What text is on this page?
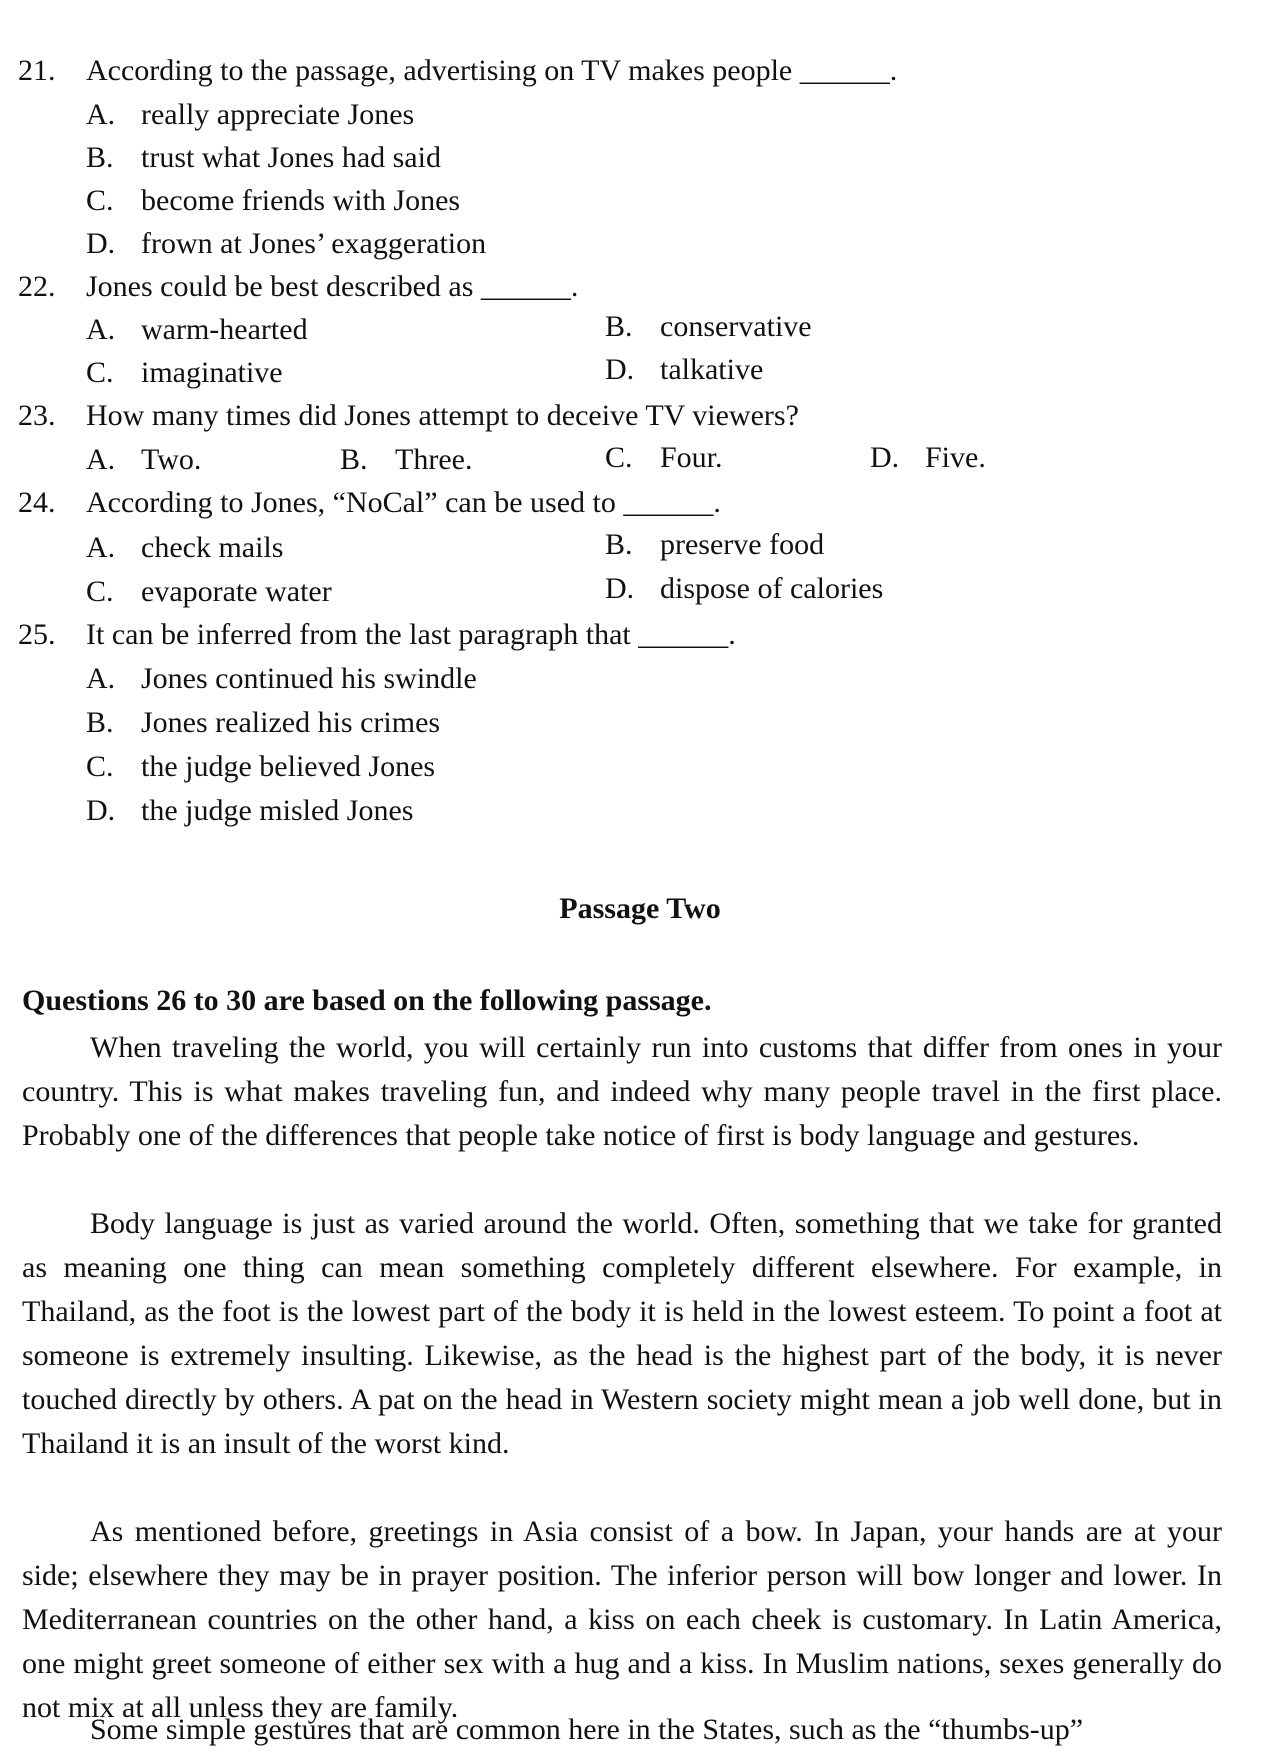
21. According to the passage, advertising on TV makes people ______.
A. really appreciate Jones
B. trust what Jones had said
C. become friends with Jones
D. frown at Jones’ exaggeration
22. Jones could be best described as ______.
A. warm-hearted	B. conservative
C. imaginative	D. talkative
23. How many times did Jones attempt to deceive TV viewers?
A. Two.	B. Three.	C. Four.	D. Five.
24. According to Jones, “NoCal” can be used to ______.
A. check mails	B. preserve food
C. evaporate water	D. dispose of calories
25. It can be inferred from the last paragraph that ______.
A. Jones continued his swindle
B. Jones realized his crimes
C. the judge believed Jones
D. the judge misled Jones
Passage Two
Questions 26 to 30 are based on the following passage.
When traveling the world, you will certainly run into customs that differ from ones in your country. This is what makes traveling fun, and indeed why many people travel in the first place. Probably one of the differences that people take notice of first is body language and gestures.
Body language is just as varied around the world. Often, something that we take for granted as meaning one thing can mean something completely different elsewhere. For example, in Thailand, as the foot is the lowest part of the body it is held in the lowest esteem. To point a foot at someone is extremely insulting. Likewise, as the head is the highest part of the body, it is never touched directly by others. A pat on the head in Western society might mean a job well done, but in Thailand it is an insult of the worst kind.
As mentioned before, greetings in Asia consist of a bow. In Japan, your hands are at your side; elsewhere they may be in prayer position. The inferior person will bow longer and lower. In Mediterranean countries on the other hand, a kiss on each cheek is customary. In Latin America, one might greet someone of either sex with a hug and a kiss. In Muslim nations, sexes generally do not mix at all unless they are family.
Some simple gestures that are common here in the States, such as the “thumbs-up”
